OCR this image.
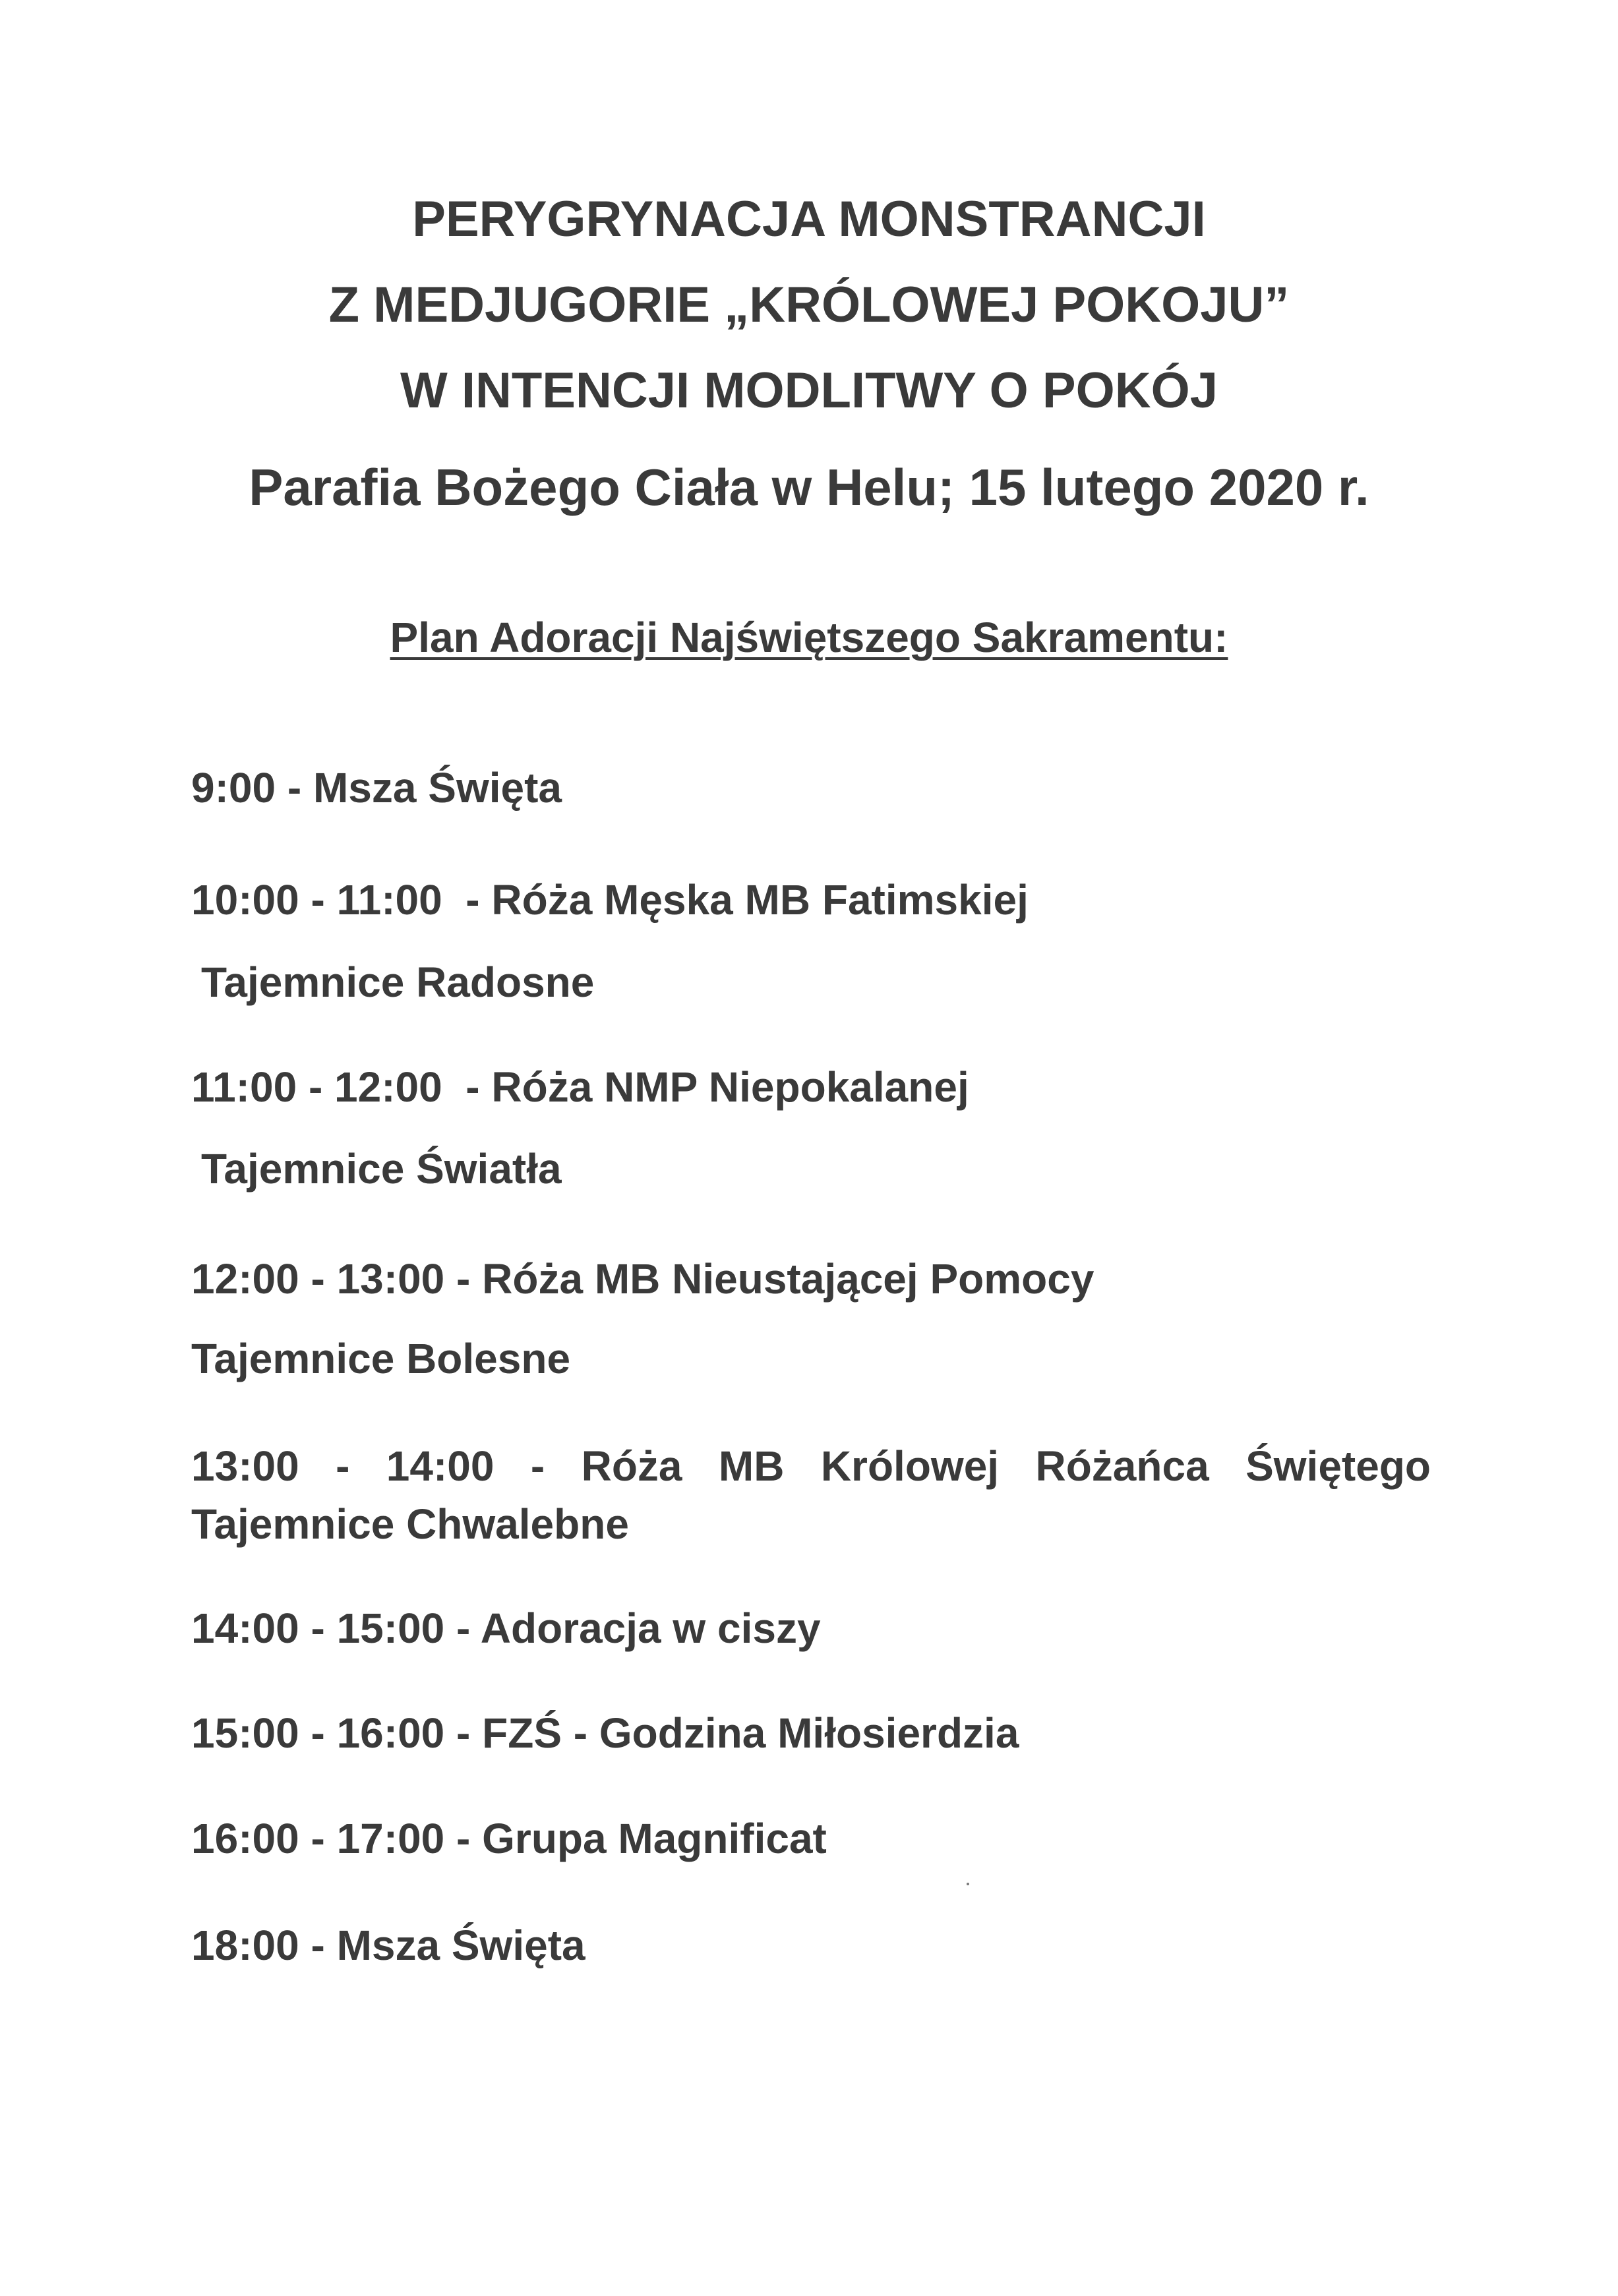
PERYGRYNACJA MONSTRANCJI
Z MEDJUGORIE „KRÓLOWEJ POKOJU”
W INTENCJI MODLITWY O POKÓJ
Parafia Bożego Ciała w Helu; 15 lutego 2020 r.
Plan Adoracji Najświętszego Sakramentu:
9:00 - Msza Święta
10:00 - 11:00  - Róża Męska MB Fatimskiej
Tajemnice Radosne
11:00 - 12:00  - Róża NMP Niepokalanej
Tajemnice Światła
12:00 - 13:00 - Róża MB Nieustającej Pomocy
Tajemnice Bolesne
13:00 - 14:00 - Róża MB Królowej Różańca Świętego
Tajemnice Chwalebne
14:00 - 15:00 - Adoracja w ciszy
15:00 - 16:00 - FZŚ - Godzina Miłosierdzia
16:00 - 17:00 - Grupa Magnificat
18:00 - Msza Święta
